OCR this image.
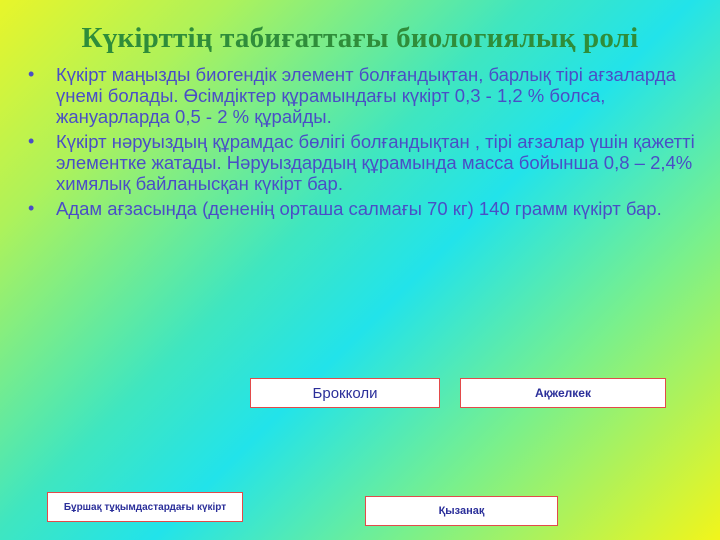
Күкірттің табиғаттағы биологиялық ролі
• Күкірт маңызды биогендік элемент болғандықтан, барлық тірі ағзаларда үнемі болады. Өсімдіктер құрамындағы күкірт 0,3 - 1,2 % болса, жануарларда 0,5 - 2 % құрайды.
• Күкірт нәруыздың құрамдас бөлігі болғандықтан , тірі ағзалар үшін қажетті элементке жатады. Нәруыздардың құрамында масса бойынша 0,8 – 2,4% химялық байланысқан күкірт бар.
• Адам ағзасында (дененің орташа салмағы 70 кг) 140 грамм күкірт бар.
Брокколи	Ақжелкек
Бұршақ тұқымдастардағы күкірт	Қызанақ
